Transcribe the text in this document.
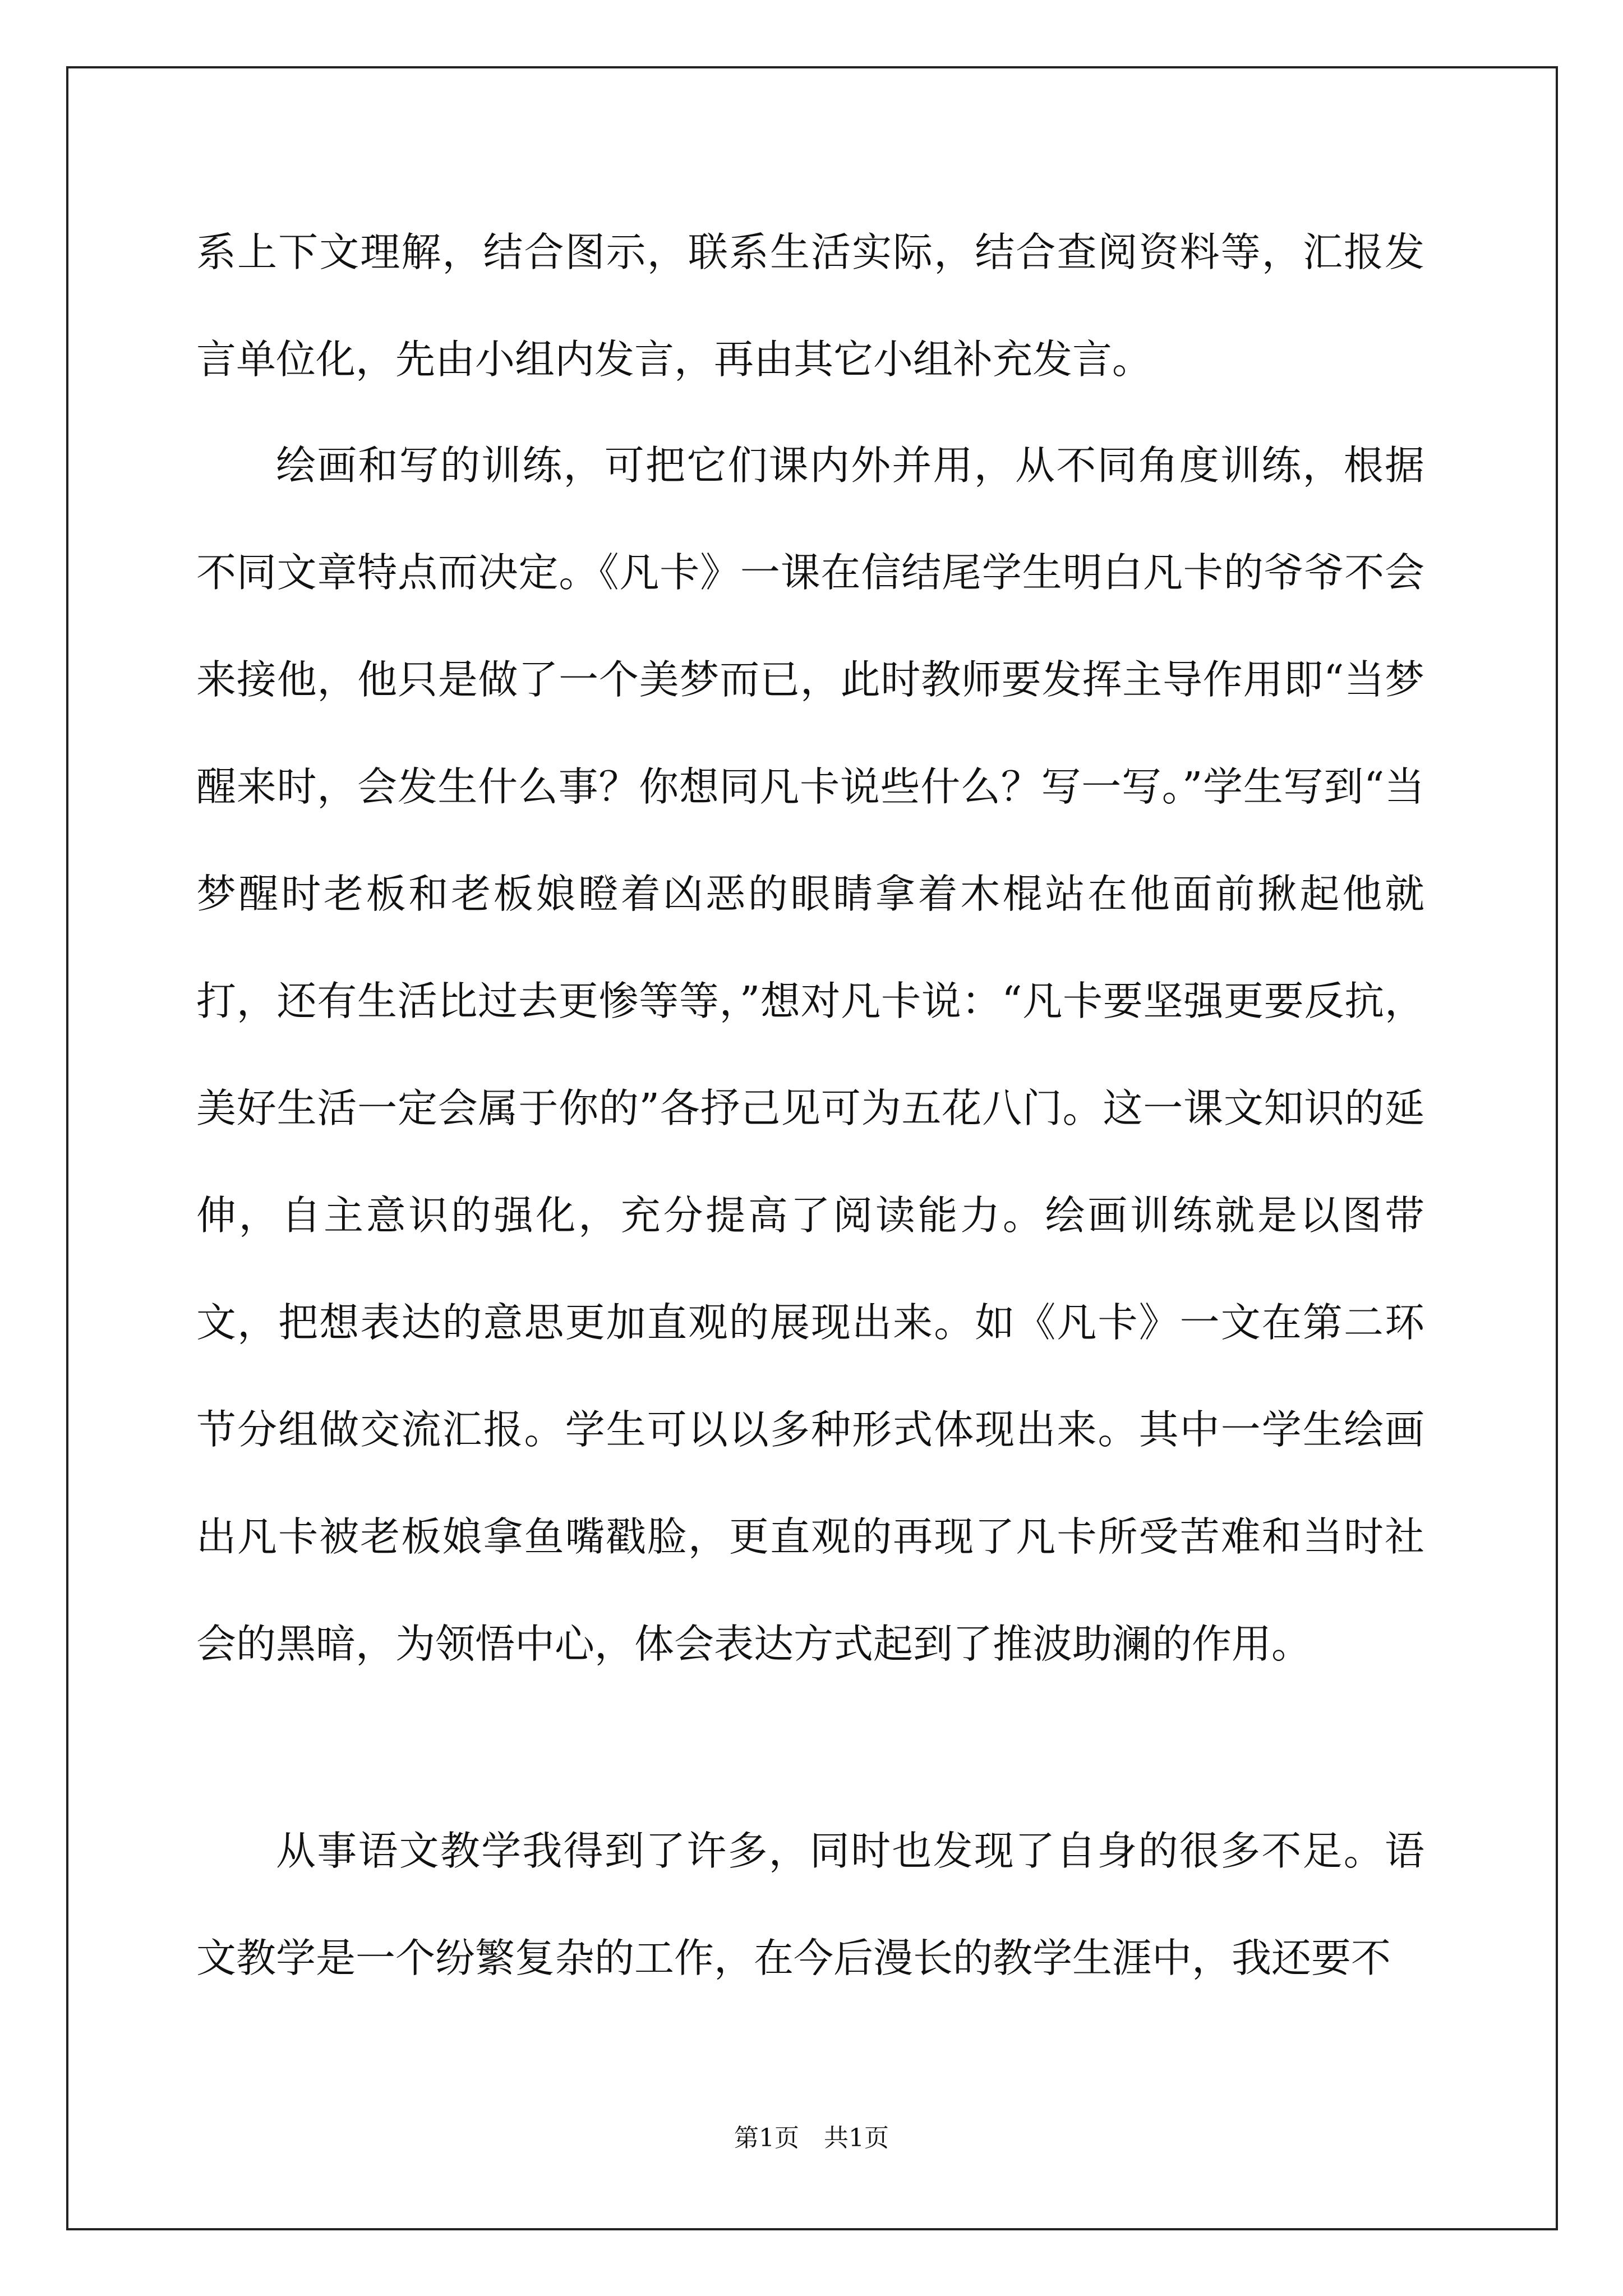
系上下文理解，结合图示，联系生活实际，结合查阅资料等，汇报发言单位化，先由小组内发言，再由其它小组补充发言。

绘画和写的训练，可把它们课内外并用，从不同角度训练，根据不同文章特点而决定。《凡卡》一课在信结尾学生明白凡卡的爷爷不会来接他，他只是做了一个美梦而已，此时教师要发挥主导作用即“当梦醒来时，会发生什么事？你想同凡卡说些什么？写一写。”学生写到“当梦醒时老板和老板娘瞪着凶恶的眼睛拿着木棍站在他面前揪起他就打，还有生活比过去更惨等等，”想对凡卡说：“凡卡要坚强更要反抗，美好生活一定会属于你的”各抒己见可为五花八门。这一课文知识的延伸，自主意识的强化，充分提高了阅读能力。绘画训练就是以图带文，把想表达的意思更加直观的展现出来。如《凡卡》一文在第二环节分组做交流汇报。学生可以以多种形式体现出来。其中一学生绘画出凡卡被老板娘拿鱼嘴戳脸，更直观的再现了凡卡所受苦难和当时社会的黑暗，为领悟中心，体会表达方式起到了推波助澜的作用。

从事语文教学我得到了许多，同时也发现了自身的很多不足。语文教学是一个纷繁复杂的工作，在今后漫长的教学生涯中，我还要不

第1页　共1页
